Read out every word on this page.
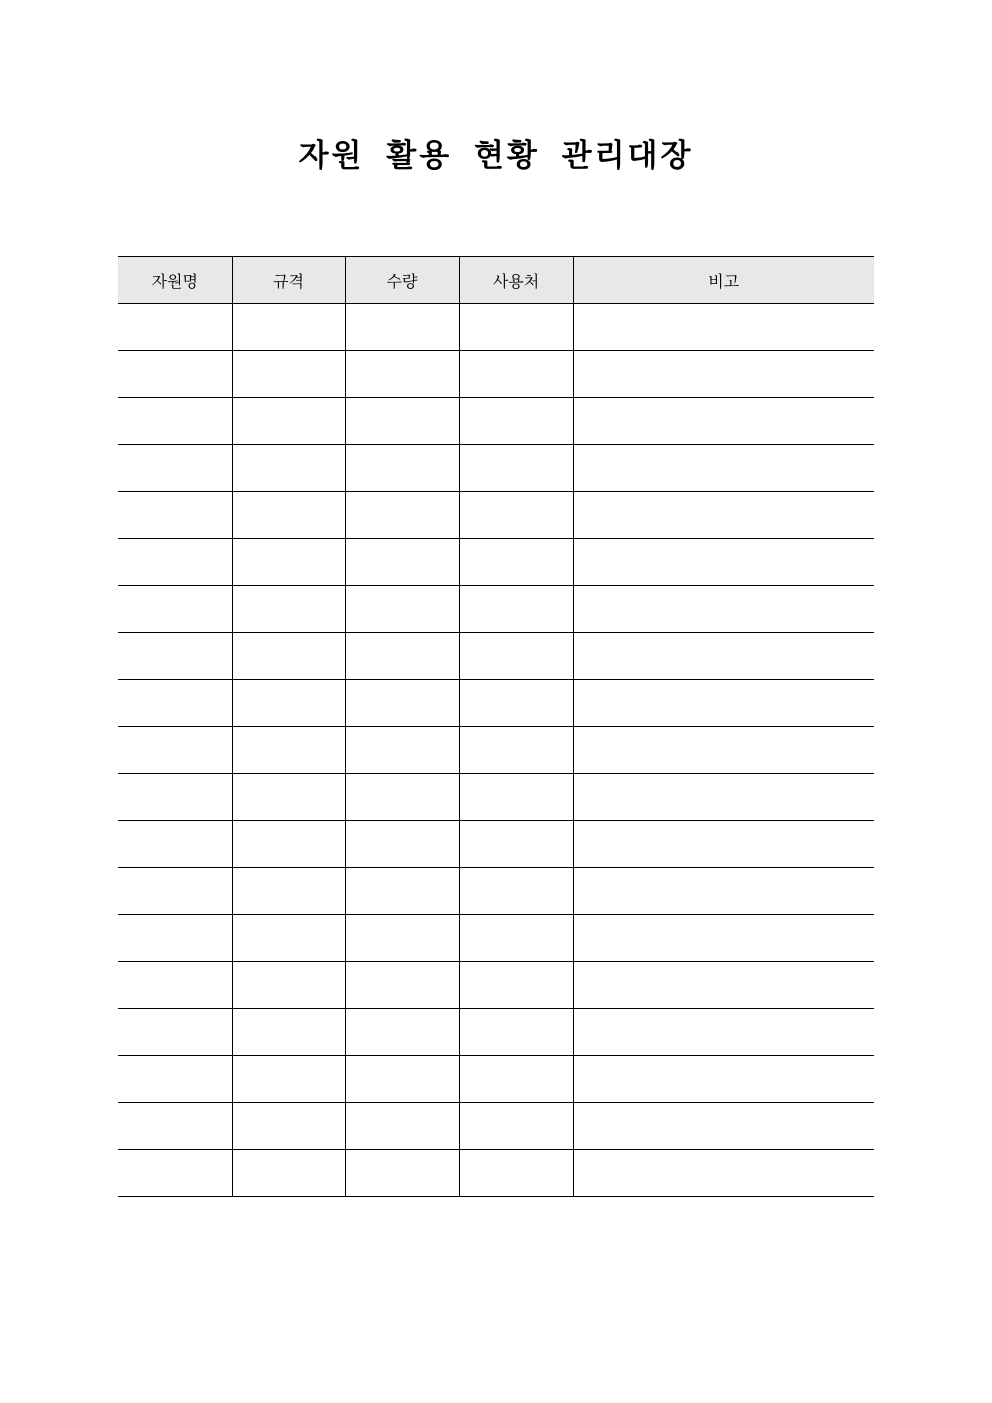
자원 활용 현황 관리대장
자원명	규격	수량	사용처	비고
